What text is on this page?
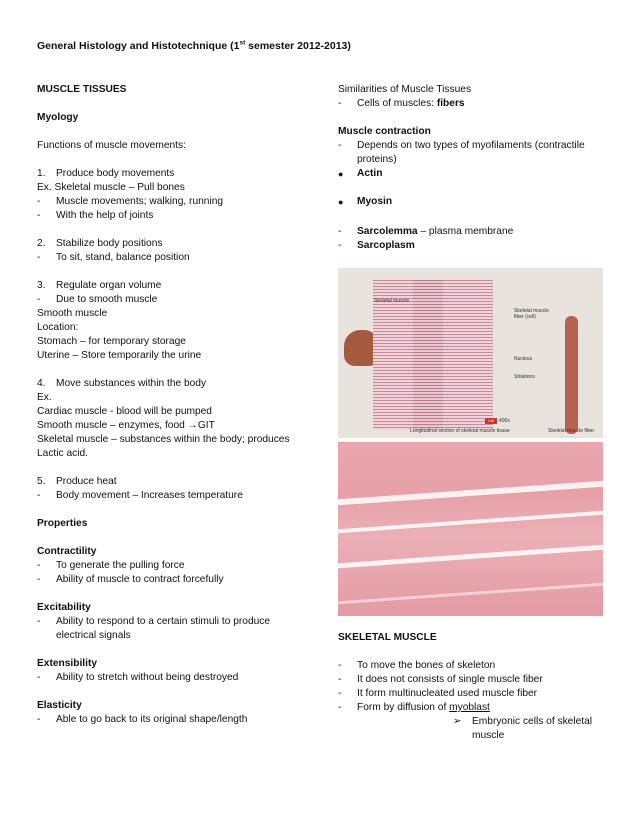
General Histology and Histotechnique (1st semester 2012-2013)
MUSCLE TISSUES
Myology
Functions of muscle movements:
1.	Produce body movements
Ex. Skeletal muscle – Pull bones
-	Muscle movements; walking, running
-	With the help of joints
2.	Stabilize body positions
-	To sit, stand, balance position
3.	Regulate organ volume
-	Due to smooth muscle
Smooth muscle
Location:
Stomach – for temporary storage
Uterine – Store temporarily the urine
4.	Move substances within the body
Ex.
Cardiac muscle - blood will be pumped
Smooth muscle – enzymes, food →GIT
Skeletal muscle – substances within the body; produces
Lactic acid.
5.	Produce heat
-	Body movement – Increases temperature
Properties
Contractility
-	To generate the pulling force
-	Ability of muscle to contract forcefully
Excitability
-	Ability to respond to a certain stimuli to produce
electrical signals
Extensibility
-	Ability to stretch without being destroyed
Elasticity
-	Able to go back to its original shape/length
Similarities of Muscle Tissues
-	Cells of muscles: fibers
Muscle contraction
-	Depends on two types of myofilaments (contractile
proteins)
●	Actin
●	Myosin
-	Sarcolemma – plasma membrane
-	Sarcoplasm
Skeletal muscle
Skeletal muscle fiber (cell)
Nucleus
Striations
LM	400x
Longitudinal section of skeletal muscle tissue	Skeletal muscle fiber
SKELETAL MUSCLE
-	To move the bones of skeleton
-	It does not consists of single muscle fiber
-	It form multinucleated used muscle fiber
-	Form by diffusion of myoblast
➢	Embryonic cells of skeletal
muscle
